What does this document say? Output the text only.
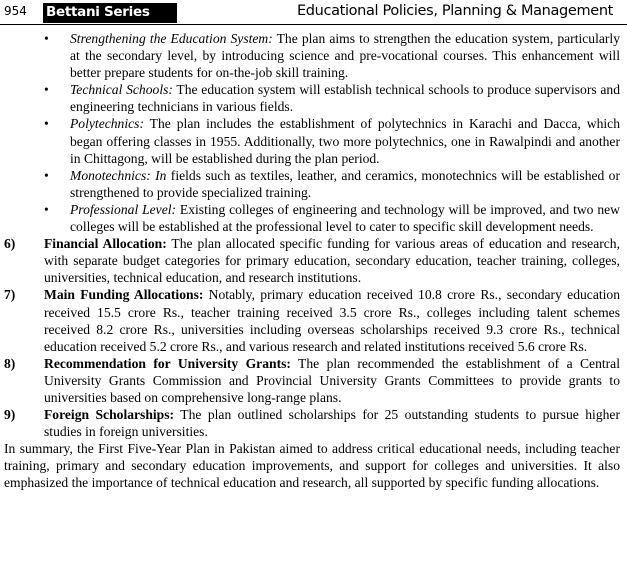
954 Bettani Series	Educational Policies, Planning & Management
• Strengthening the Education System: The plan aims to strengthen the education system, particularly at the secondary level, by introducing science and pre-vocational courses. This enhancement will better prepare students for on-the-job skill training.
• Technical Schools: The education system will establish technical schools to produce supervisors and engineering technicians in various fields.
• Polytechnics: The plan includes the establishment of polytechnics in Karachi and Dacca, which began offering classes in 1955. Additionally, two more polytechnics, one in Rawalpindi and another in Chittagong, will be established during the plan period.
• Monotechnics: In fields such as textiles, leather, and ceramics, monotechnics will be established or strengthened to provide specialized training.
• Professional Level: Existing colleges of engineering and technology will be improved, and two new colleges will be established at the professional level to cater to specific skill development needs.
6) Financial Allocation: The plan allocated specific funding for various areas of education and research, with separate budget categories for primary education, secondary education, teacher training, colleges, universities, technical education, and research institutions.
7) Main Funding Allocations: Notably, primary education received 10.8 crore Rs., secondary education received 15.5 crore Rs., teacher training received 3.5 crore Rs., colleges including talent schemes received 8.2 crore Rs., universities including overseas scholarships received 9.3 crore Rs., technical education received 5.2 crore Rs., and various research and related institutions received 5.6 crore Rs.
8) Recommendation for University Grants: The plan recommended the establishment of a Central University Grants Commission and Provincial University Grants Committees to provide grants to universities based on comprehensive long-range plans.
9) Foreign Scholarships: The plan outlined scholarships for 25 outstanding students to pursue higher studies in foreign universities.

In summary, the First Five-Year Plan in Pakistan aimed to address critical educational needs, including teacher training, primary and secondary education improvements, and support for colleges and universities. It also emphasized the importance of technical education and research, all supported by specific funding allocations.
